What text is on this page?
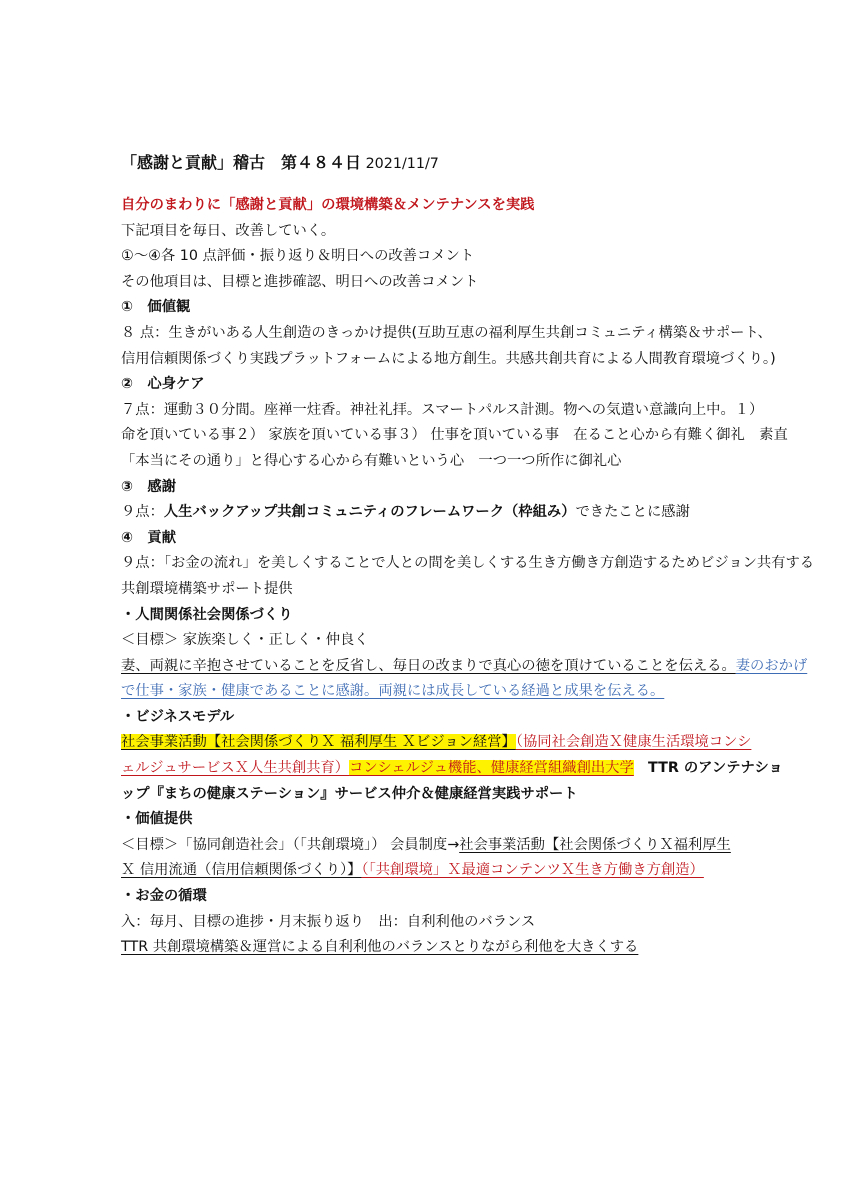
「感謝と貢献」稽古　第４８４日 2021/11/7
自分のまわりに「感謝と貢献」の環境構築＆メンテナンスを実践
下記項目を毎日、改善していく。
①～④各 10 点評価・振り返り＆明日への改善コメント
その他項目は、目標と進捗確認、明日への改善コメント
①　価値観
８ 点：生きがいある人生創造のきっかけ提供(互助互恵の福利厚生共創コミュニティ構築＆サポート、
信用信頼関係づくり実践プラットフォームによる地方創生。共感共創共育による人間教育環境づくり。)
②　心身ケア
７点：運動３０分間。座禅一炷香。神社礼拝。スマートパルス計測。物への気遣い意識向上中。１）
命を頂いている事２） 家族を頂いている事３） 仕事を頂いている事　在ること心から有難く御礼　素直
「本当にその通り」と得心する心から有難いという心　一つ一つ所作に御礼心
③　感謝
９点：人生バックアップ共創コミュニティのフレームワーク（枠組み）できたことに感謝
④　貢献
９点：「お金の流れ」を美しくすることで人との間を美しくする生き方働き方創造するためビジョン共有する
共創環境構築サポート提供
・人間関係社会関係づくり
＜目標＞ 家族楽しく・正しく・仲良く
妻、両親に辛抱させていることを反省し、毎日の改まりで真心の徳を頂けていることを伝える。妻のおかげ
で仕事・家族・健康であることに感謝。両親には成長している経過と成果を伝える。
・ビジネスモデル
社会事業活動【社会関係づくりＸ 福利厚生 Ｘビジョン経営】（協同社会創造Ｘ健康生活環境コンシ
ェルジュサービスＸ人生共創共育）コンシェルジュ機能、健康経営組織創出大学　TTR のアンテナショ
ップ『まちの健康ステーション』サービス仲介＆健康経営実践サポート
・価値提供
＜目標＞「協同創造社会」（「共創環境」） 会員制度→社会事業活動【社会関係づくりＸ福利厚生
Ｘ 信用流通（信用信頼関係づくり）】（「共創環境」Ｘ最適コンテンツＸ生き方働き方創造）
・お金の循環
入：毎月、目標の進捗・月末振り返り　出：自利利他のバランス
TTR 共創環境構築＆運営による自利利他のバランスとりながら利他を大きくする
